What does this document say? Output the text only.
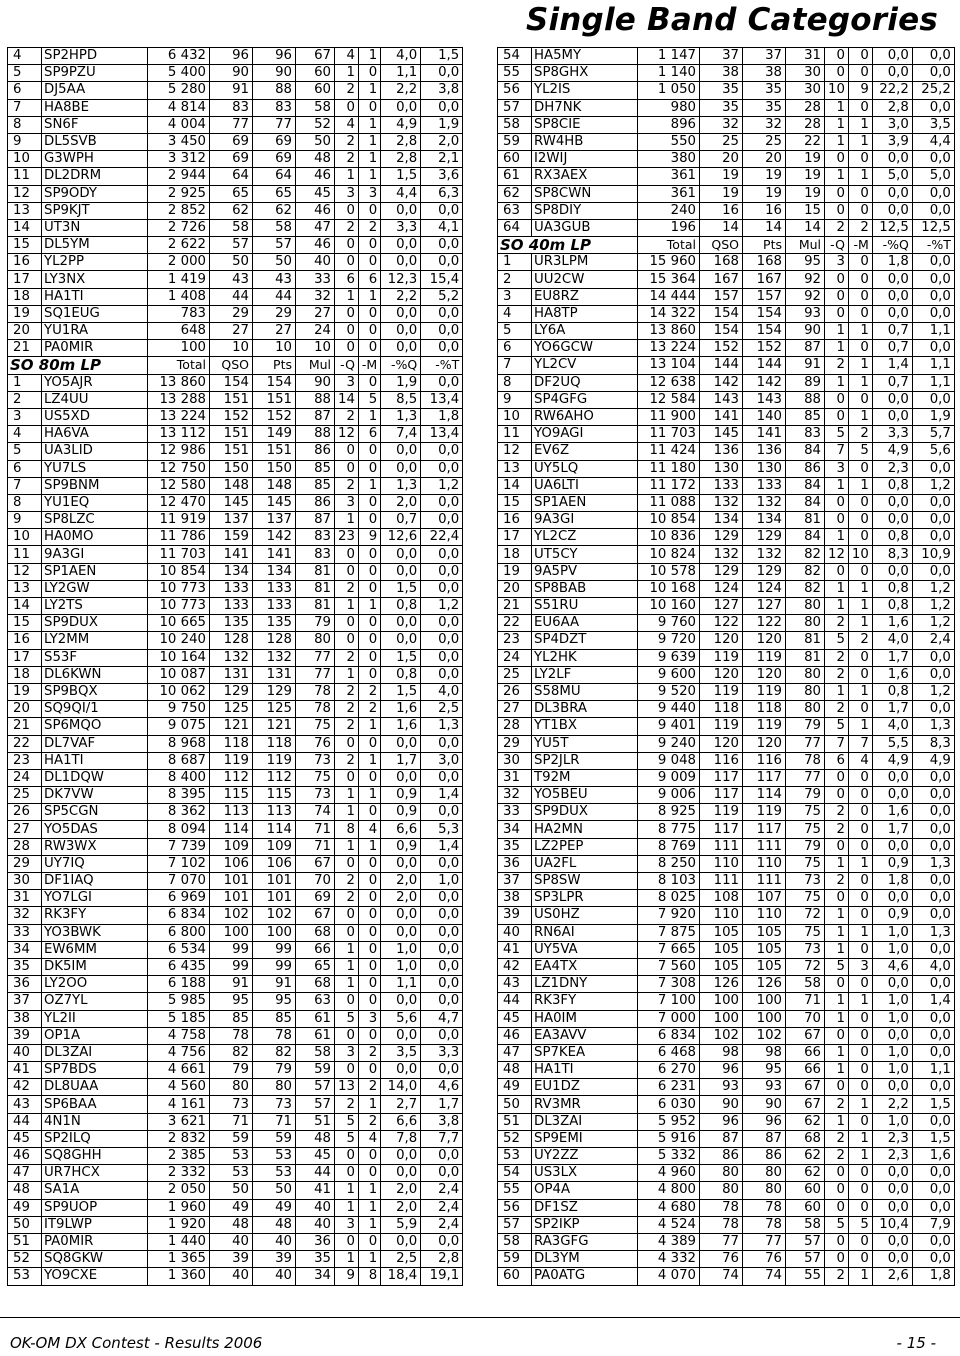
Single Band Categories
4	SP2HPD	6 432	96	96	67	4	1	4,0	1,5
5	SP9PZU	5 400	90	90	60	1	0	1,1	0,0
6	DJ5AA	5 280	91	88	60	2	1	2,2	3,8
7	HA8BE	4 814	83	83	58	0	0	0,0	0,0
8	SN6F	4 004	77	77	52	4	1	4,9	1,9
9	DL5SVB	3 450	69	69	50	2	1	2,8	2,0
10	G3WPH	3 312	69	69	48	2	1	2,8	2,1
11	DL2DRM	2 944	64	64	46	1	1	1,5	3,6
12	SP9ODY	2 925	65	65	45	3	3	4,4	6,3
13	SP9KJT	2 852	62	62	46	0	0	0,0	0,0
14	UT3N	2 726	58	58	47	2	2	3,3	4,1
15	DL5YM	2 622	57	57	46	0	0	0,0	0,0
16	YL2PP	2 000	50	50	40	0	0	0,0	0,0
17	LY3NX	1 419	43	43	33	6	6	12,3	15,4
18	HA1TI	1 408	44	44	32	1	1	2,2	5,2
19	SQ1EUG	783	29	29	27	0	0	0,0	0,0
20	YU1RA	648	27	27	24	0	0	0,0	0,0
21	PA0MIR	100	10	10	10	0	0	0,0	0,0
SO 80m LP		Total	QSO	Pts	Mul	-Q	-M	-%Q	-%T
1	YO5AJR	13 860	154	154	90	3	0	1,9	0,0
2	LZ4UU	13 288	151	151	88	14	5	8,5	13,4
3	US5XD	13 224	152	152	87	2	1	1,3	1,8
4	HA6VA	13 112	151	149	88	12	6	7,4	13,4
5	UA3LID	12 986	151	151	86	0	0	0,0	0,0
6	YU7LS	12 750	150	150	85	0	0	0,0	0,0
7	SP9BNM	12 580	148	148	85	2	1	1,3	1,2
8	YU1EQ	12 470	145	145	86	3	0	2,0	0,0
9	SP8LZC	11 919	137	137	87	1	0	0,7	0,0
10	HA0MO	11 786	159	142	83	23	9	12,6	22,4
11	9A3GI	11 703	141	141	83	0	0	0,0	0,0
12	SP1AEN	10 854	134	134	81	0	0	0,0	0,0
13	LY2GW	10 773	133	133	81	2	0	1,5	0,0
14	LY2TS	10 773	133	133	81	1	1	0,8	1,2
15	SP9DUX	10 665	135	135	79	0	0	0,0	0,0
16	LY2MM	10 240	128	128	80	0	0	0,0	0,0
17	S53F	10 164	132	132	77	2	0	1,5	0,0
18	DL6KWN	10 087	131	131	77	1	0	0,8	0,0
19	SP9BQX	10 062	129	129	78	2	2	1,5	4,0
20	SQ9QI/1	9 750	125	125	78	2	2	1,6	2,5
21	SP6MQO	9 075	121	121	75	2	1	1,6	1,3
22	DL7VAF	8 968	118	118	76	0	0	0,0	0,0
23	HA1TI	8 687	119	119	73	2	1	1,7	3,0
24	DL1DQW	8 400	112	112	75	0	0	0,0	0,0
25	DK7VW	8 395	115	115	73	1	1	0,9	1,4
26	SP5CGN	8 362	113	113	74	1	0	0,9	0,0
27	YO5DAS	8 094	114	114	71	8	4	6,6	5,3
28	RW3WX	7 739	109	109	71	1	1	0,9	1,4
29	UY7IQ	7 102	106	106	67	0	0	0,0	0,0
30	DF1IAQ	7 070	101	101	70	2	0	2,0	1,0
31	YO7LGI	6 969	101	101	69	2	0	2,0	0,0
32	RK3FY	6 834	102	102	67	0	0	0,0	0,0
33	YO3BWK	6 800	100	100	68	0	0	0,0	0,0
34	EW6MM	6 534	99	99	66	1	0	1,0	0,0
35	DK5IM	6 435	99	99	65	1	0	1,0	0,0
36	LY2OO	6 188	91	91	68	1	0	1,1	0,0
37	OZ7YL	5 985	95	95	63	0	0	0,0	0,0
38	YL2II	5 185	85	85	61	5	3	5,6	4,7
39	OP1A	4 758	78	78	61	0	0	0,0	0,0
40	DL3ZAI	4 756	82	82	58	3	2	3,5	3,3
41	SP7BDS	4 661	79	79	59	0	0	0,0	0,0
42	DL8UAA	4 560	80	80	57	13	2	14,0	4,6
43	SP6BAA	4 161	73	73	57	2	1	2,7	1,7
44	4N1N	3 621	71	71	51	5	2	6,6	3,8
45	SP2ILQ	2 832	59	59	48	5	4	7,8	7,7
46	SQ8GHH	2 385	53	53	45	0	0	0,0	0,0
47	UR7HCX	2 332	53	53	44	0	0	0,0	0,0
48	SA1A	2 050	50	50	41	1	1	2,0	2,4
49	SP9UOP	1 960	49	49	40	1	1	2,0	2,4
50	IT9LWP	1 920	48	48	40	3	1	5,9	2,4
51	PA0MIR	1 440	40	40	36	0	0	0,0	0,0
52	SQ8GKW	1 365	39	39	35	1	1	2,5	2,8
53	YO9CXE	1 360	40	40	34	9	8	18,4	19,1
54	HA5MY	1 147	37	37	31	0	0	0,0	0,0
55	SP8GHX	1 140	38	38	30	0	0	0,0	0,0
56	YL2IS	1 050	35	35	30	10	9	22,2	25,2
57	DH7NK	980	35	35	28	1	0	2,8	0,0
58	SP8CIE	896	32	32	28	1	1	3,0	3,5
59	RW4HB	550	25	25	22	1	1	3,9	4,4
60	I2WIJ	380	20	20	19	0	0	0,0	0,0
61	RX3AEX	361	19	19	19	1	1	5,0	5,0
62	SP8CWN	361	19	19	19	0	0	0,0	0,0
63	SP8DIY	240	16	16	15	0	0	0,0	0,0
64	UA3GUB	196	14	14	14	2	2	12,5	12,5
SO 40m LP		Total	QSO	Pts	Mul	-Q	-M	-%Q	-%T
1	UR3LPM	15 960	168	168	95	3	0	1,8	0,0
2	UU2CW	15 364	167	167	92	0	0	0,0	0,0
3	EU8RZ	14 444	157	157	92	0	0	0,0	0,0
4	HA8TP	14 322	154	154	93	0	0	0,0	0,0
5	LY6A	13 860	154	154	90	1	1	0,7	1,1
6	YO6GCW	13 224	152	152	87	1	0	0,7	0,0
7	YL2CV	13 104	144	144	91	2	1	1,4	1,1
8	DF2UQ	12 638	142	142	89	1	1	0,7	1,1
9	SP4GFG	12 584	143	143	88	0	0	0,0	0,0
10	RW6AHO	11 900	141	140	85	0	1	0,0	1,9
11	YO9AGI	11 703	145	141	83	5	2	3,3	5,7
12	EV6Z	11 424	136	136	84	7	5	4,9	5,6
13	UY5LQ	11 180	130	130	86	3	0	2,3	0,0
14	UA6LTI	11 172	133	133	84	1	1	0,8	1,2
15	SP1AEN	11 088	132	132	84	0	0	0,0	0,0
16	9A3GI	10 854	134	134	81	0	0	0,0	0,0
17	YL2CZ	10 836	129	129	84	1	0	0,8	0,0
18	UT5CY	10 824	132	132	82	12	10	8,3	10,9
19	9A5PV	10 578	129	129	82	0	0	0,0	0,0
20	SP8BAB	10 168	124	124	82	1	1	0,8	1,2
21	S51RU	10 160	127	127	80	1	1	0,8	1,2
22	EU6AA	9 760	122	122	80	2	1	1,6	1,2
23	SP4DZT	9 720	120	120	81	5	2	4,0	2,4
24	YL2HK	9 639	119	119	81	2	0	1,7	0,0
25	LY2LF	9 600	120	120	80	2	0	1,6	0,0
26	S58MU	9 520	119	119	80	1	1	0,8	1,2
27	DL3BRA	9 440	118	118	80	2	0	1,7	0,0
28	YT1BX	9 401	119	119	79	5	1	4,0	1,3
29	YU5T	9 240	120	120	77	7	7	5,5	8,3
30	SP2JLR	9 048	116	116	78	6	4	4,9	4,9
31	T92M	9 009	117	117	77	0	0	0,0	0,0
32	YO5BEU	9 006	117	114	79	0	0	0,0	0,0
33	SP9DUX	8 925	119	119	75	2	0	1,6	0,0
34	HA2MN	8 775	117	117	75	2	0	1,7	0,0
35	LZ2PEP	8 769	111	111	79	0	0	0,0	0,0
36	UA2FL	8 250	110	110	75	1	1	0,9	1,3
37	SP8SW	8 103	111	111	73	2	0	1,8	0,0
38	SP3LPR	8 025	108	107	75	0	0	0,0	0,0
39	US0HZ	7 920	110	110	72	1	0	0,9	0,0
40	RN6AI	7 875	105	105	75	1	1	1,0	1,3
41	UY5VA	7 665	105	105	73	1	0	1,0	0,0
42	EA4TX	7 560	105	105	72	5	3	4,6	4,0
43	LZ1DNY	7 308	126	126	58	0	0	0,0	0,0
44	RK3FY	7 100	100	100	71	1	1	1,0	1,4
45	HA0IM	7 000	100	100	70	1	0	1,0	0,0
46	EA3AVV	6 834	102	102	67	0	0	0,0	0,0
47	SP7KEA	6 468	98	98	66	1	0	1,0	0,0
48	HA1TI	6 270	96	95	66	1	0	1,0	1,1
49	EU1DZ	6 231	93	93	67	0	0	0,0	0,0
50	RV3MR	6 030	90	90	67	2	1	2,2	1,5
51	DL3ZAI	5 952	96	96	62	1	0	1,0	0,0
52	SP9EMI	5 916	87	87	68	2	1	2,3	1,5
53	UY2ZZ	5 332	86	86	62	2	1	2,3	1,6
54	US3LX	4 960	80	80	62	0	0	0,0	0,0
55	OP4A	4 800	80	80	60	0	0	0,0	0,0
56	DF1SZ	4 680	78	78	60	0	0	0,0	0,0
57	SP2IKP	4 524	78	78	58	5	5	10,4	7,9
58	RA3GFG	4 389	77	77	57	0	0	0,0	0,0
59	DL3YM	4 332	76	76	57	0	0	0,0	0,0
60	PA0ATG	4 070	74	74	55	2	1	2,6	1,8
OK-OM DX Contest - Results 2006	- 15 -
